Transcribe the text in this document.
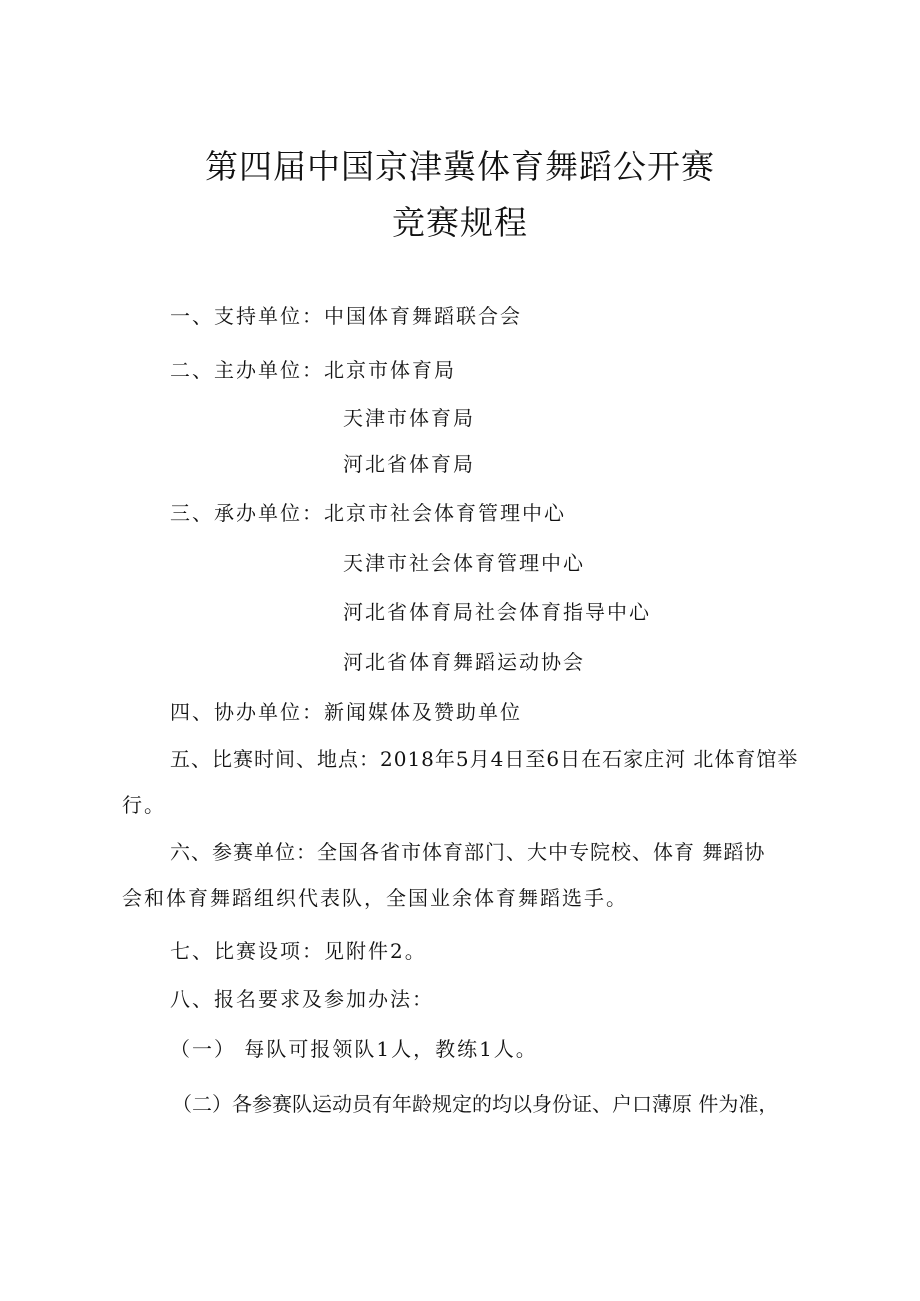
第四届中国京津冀体育舞蹈公开赛
竞赛规程
一、支持单位：中国体育舞蹈联合会
二、主办单位：北京市体育局
天津市体育局
河北省体育局
三、承办单位：北京市社会体育管理中心
天津市社会体育管理中心
河北省体育局社会体育指导中心
河北省体育舞蹈运动协会
四、协办单位：新闻媒体及赞助单位
五、比赛时间、地点：2018年5月4日至6日在石家庄河 北体育馆举
行。
六、参赛单位：全国各省市体育部门、大中专院校、体育 舞蹈协
会和体育舞蹈组织代表队，全国业余体育舞蹈选手。
七、比赛设项：见附件2。
八、报名要求及参加办法：
（一） 每队可报领队1人，教练1人。
（二）各参赛队运动员有年龄规定的均以身份证、户口薄原 件为准，
